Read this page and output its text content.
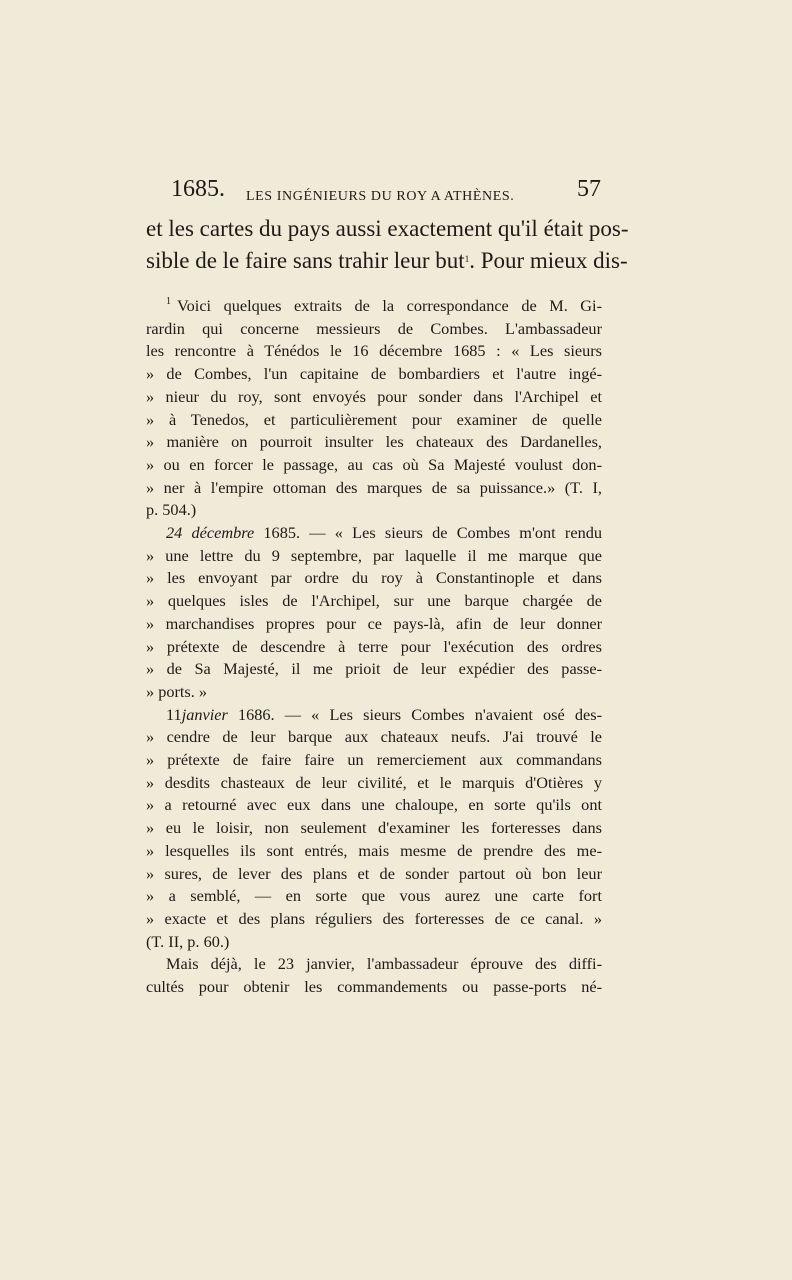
1685. LES INGÉNIEURS DU ROY A ATHÈNES.	57
et les cartes du pays aussi exactement qu'il était pos-
sible de le faire sans trahir leur but$^1$. Pour mieux dis-
$^1$ Voici quelques extraits de la correspondance de M. Gi-
rardin qui concerne messieurs de Combes. L'ambassadeur
les rencontre à Ténédos le 16 décembre 1685 : « Les sieurs
» de Combes, l'un capitaine de bombardiers et l'autre ingé-
» nieur du roy, sont envoyés pour sonder dans l'Archipel et
» à Tenedos, et particulièrement pour examiner de quelle
» manière on pourroit insulter les chateaux des Dardanelles,
» ou en forcer le passage, au cas où Sa Majesté voulust don-
» ner à l'empire ottoman des marques de sa puissance.» (T. I,
p. 504.)
24 décembre 1685. — « Les sieurs de Combes m'ont rendu
» une lettre du 9 septembre, par laquelle il me marque que
» les envoyant par ordre du roy à Constantinople et dans
» quelques isles de l'Archipel, sur une barque chargée de
» marchandises propres pour ce pays-là, afin de leur donner
» prétexte de descendre à terre pour l'exécution des ordres
» de Sa Majesté, il me prioit de leur expédier des passe-
» ports. »
11janvier 1686. — « Les sieurs Combes n'avaient osé des-
» cendre de leur barque aux chateaux neufs. J'ai trouvé le
» prétexte de faire faire un remerciement aux commandans
» desdits chasteaux de leur civilité, et le marquis d'Otières y
» a retourné avec eux dans une chaloupe, en sorte qu'ils ont
» eu le loisir, non seulement d'examiner les forteresses dans
» lesquelles ils sont entrés, mais mesme de prendre des me-
» sures, de lever des plans et de sonder partout où bon leur
» a semblé, — en sorte que vous aurez une carte fort
» exacte et des plans réguliers des forteresses de ce canal. »
(T. II, p. 60.)
Mais déjà, le 23 janvier, l'ambassadeur éprouve des diffi-
cultés pour obtenir les commandements ou passe-ports né-
